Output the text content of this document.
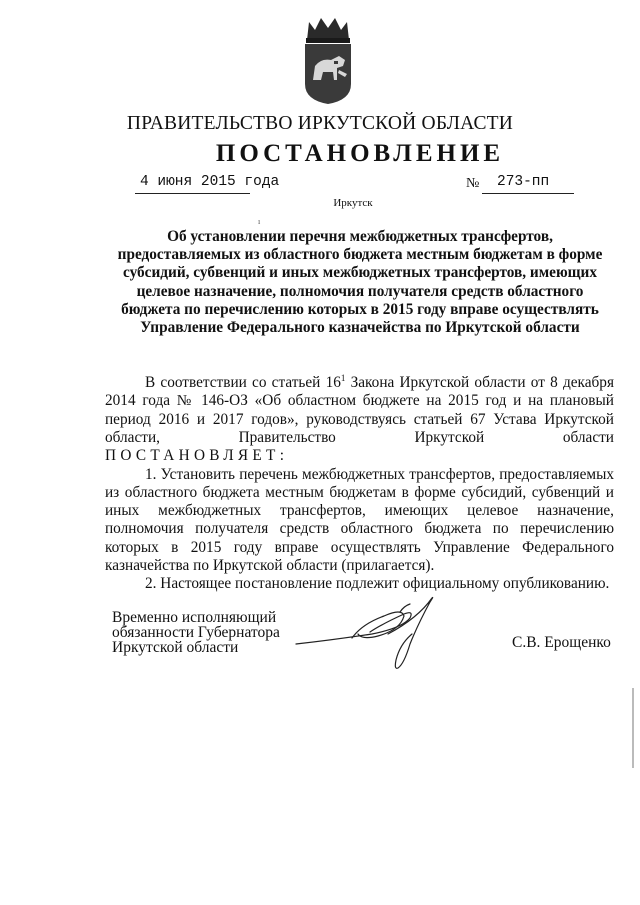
ПРАВИТЕЛЬСТВО ИРКУТСКОЙ ОБЛАСТИ
ПОСТАНОВЛЕНИЕ
4 июня 2015 года	№ 273-пп
Иркутск
ı
Об установлении перечня межбюджетных трансфертов,
предоставляемых из областного бюджета местным бюджетам в форме
субсидий, субвенций и иных межбюджетных трансфертов, имеющих
целевое назначение, полномочия получателя средств областного
бюджета по перечислению которых в 2015 году вправе осуществлять
Управление Федерального казначейства по Иркутской области
В соответствии со статьей $16^1$ Закона Иркутской области от 8 декабря 2014 года № 146-ОЗ «Об областном бюджете на 2015 год и на плановый период 2016 и 2017 годов», руководствуясь статьей 67 Устава Иркутской области, Правительство Иркутской области
ПОСТАНОВЛЯЕТ:
1. Установить перечень межбюджетных трансфертов, предоставляемых из областного бюджета местным бюджетам в форме субсидий, субвенций и иных межбюджетных трансфертов, имеющих целевое назначение, полномочия получателя средств областного бюджета по перечислению которых в 2015 году вправе осуществлять Управление Федерального казначейства по Иркутской области (прилагается).
2. Настоящее постановление подлежит официальному опубликованию.
Временно исполняющий
обязанности Губернатора
Иркутской области	С.В. Ерощенко
